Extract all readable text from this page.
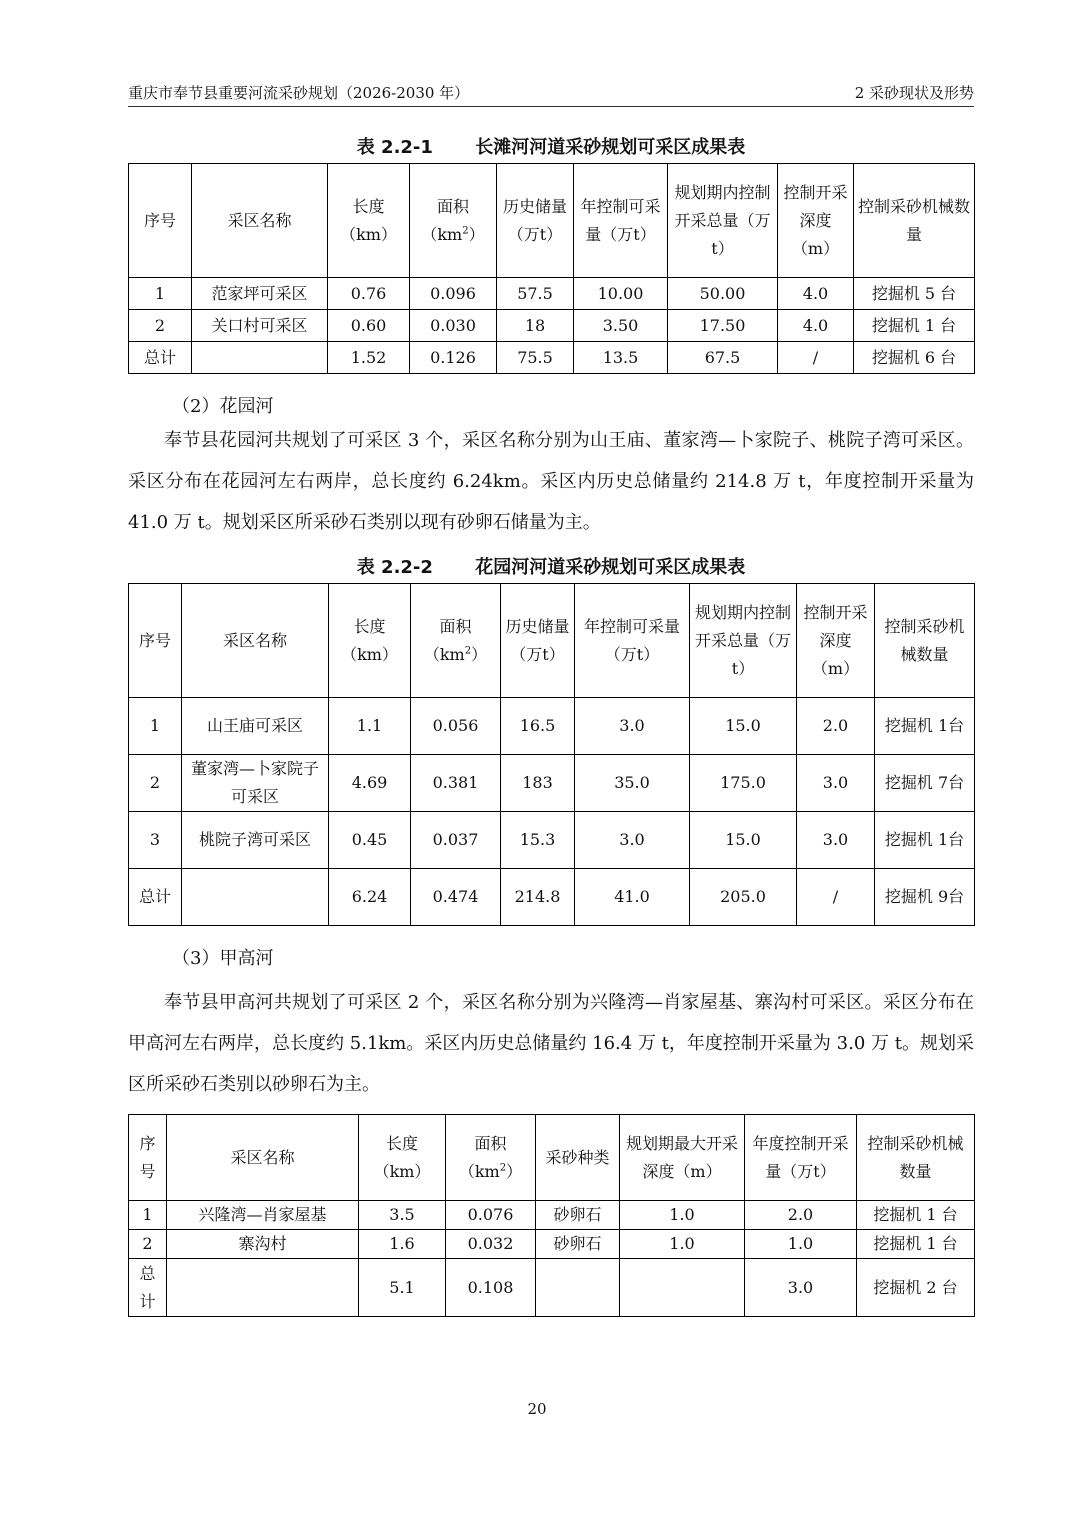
重庆市奉节县重要河流采砂规划（2026-2030 年）	2 采砂现状及形势
表 2.2-1 长滩河河道采砂规划可采区成果表
序号	采区名称	长度（km）	面积$(km^2)$	历史储量（万t）	年控制可采量（万t）	规划期内控制开采总量（万t）	控制开采深度（m）	控制采砂机械数量
1	范家坪可采区	0.76	0.096	57.5	10.00	50.00	4.0	挖掘机 5 台
2	关口村可采区	0.60	0.030	18	3.50	17.50	4.0	挖掘机 1 台
总计		1.52	0.126	75.5	13.5	67.5	/	挖掘机 6 台
（2）花园河

奉节县花园河共规划了可采区 3 个，采区名称分别为山王庙、董家湾—卜家院子、桃院子湾可采区。采区分布在花园河左右两岸，总长度约 6.24km。采区内历史总储量约 214.8 万 t，年度控制开采量为 41.0 万 t。规划采区所采砂石类别以现有砂卵石储量为主。

表 2.2-2 花园河河道采砂规划可采区成果表
序号	采区名称	长度（km）	面积$(km^2)$	历史储量（万t）	年控制可采量（万t）	规划期内控制开采总量（万t）	控制开采深度（m）	控制采砂机械数量
1	山王庙可采区	1.1	0.056	16.5	3.0	15.0	2.0	挖掘机 1台
2	董家湾—卜家院子可采区	4.69	0.381	183	35.0	175.0	3.0	挖掘机 7台
3	桃院子湾可采区	0.45	0.037	15.3	3.0	15.0	3.0	挖掘机 1台
总计		6.24	0.474	214.8	41.0	205.0	/	挖掘机 9台
（3）甲高河

奉节县甲高河共规划了可采区 2 个，采区名称分别为兴隆湾—肖家屋基、寨沟村可采区。采区分布在甲高河左右两岸，总长度约 5.1km。采区内历史总储量约 16.4 万 t，年度控制开采量为 3.0 万 t。规划采区所采砂石类别以砂卵石为主。

序号	采区名称	长度（km）	面积$(km^2)$	采砂种类	规划期最大开采深度（m）	年度控制开采量（万t）	控制采砂机械数量
1	兴隆湾—肖家屋基	3.5	0.076	砂卵石	1.0	2.0	挖掘机 1 台
2	寨沟村	1.6	0.032	砂卵石	1.0	1.0	挖掘机 1 台
总计		5.1	0.108			3.0	挖掘机 2 台
20
